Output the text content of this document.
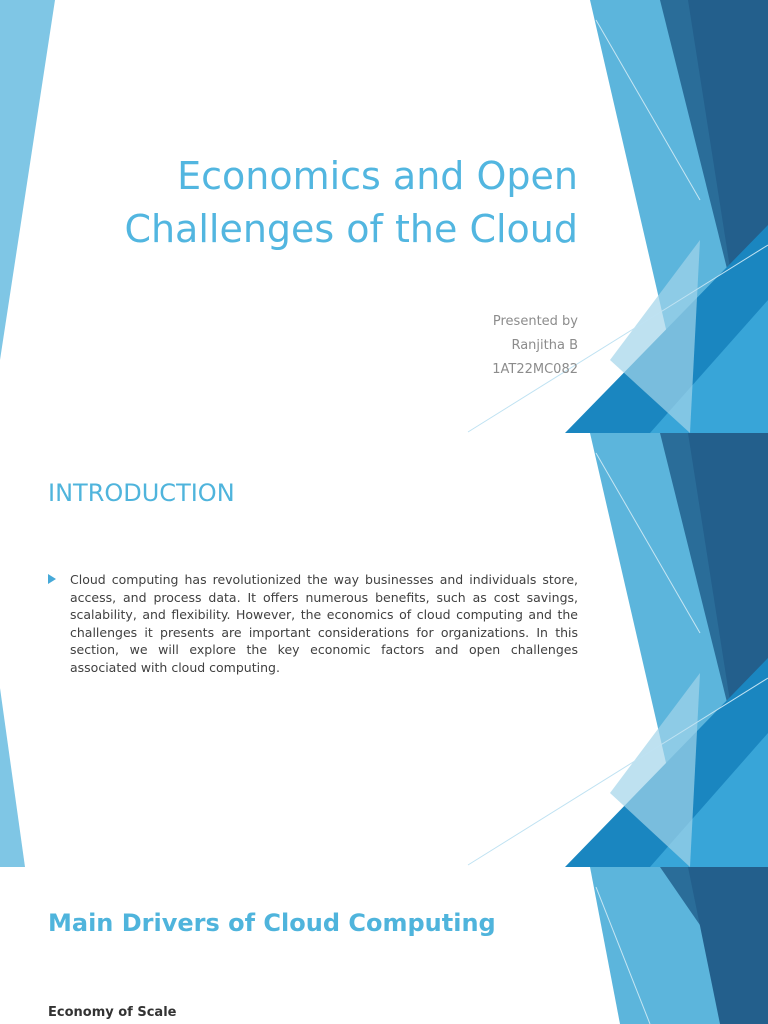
Economics and Open Challenges of the Cloud
Presented by
Ranjitha B
1AT22MC082
INTRODUCTION
Cloud computing has revolutionized the way businesses and individuals store, access, and process data. It offers numerous benefits, such as cost savings, scalability, and flexibility. However, the economics of cloud computing and the challenges it presents are important considerations for organizations. In this section, we will explore the key economic factors and open challenges associated with cloud computing.
Main Drivers of Cloud Computing
Economy of Scale
